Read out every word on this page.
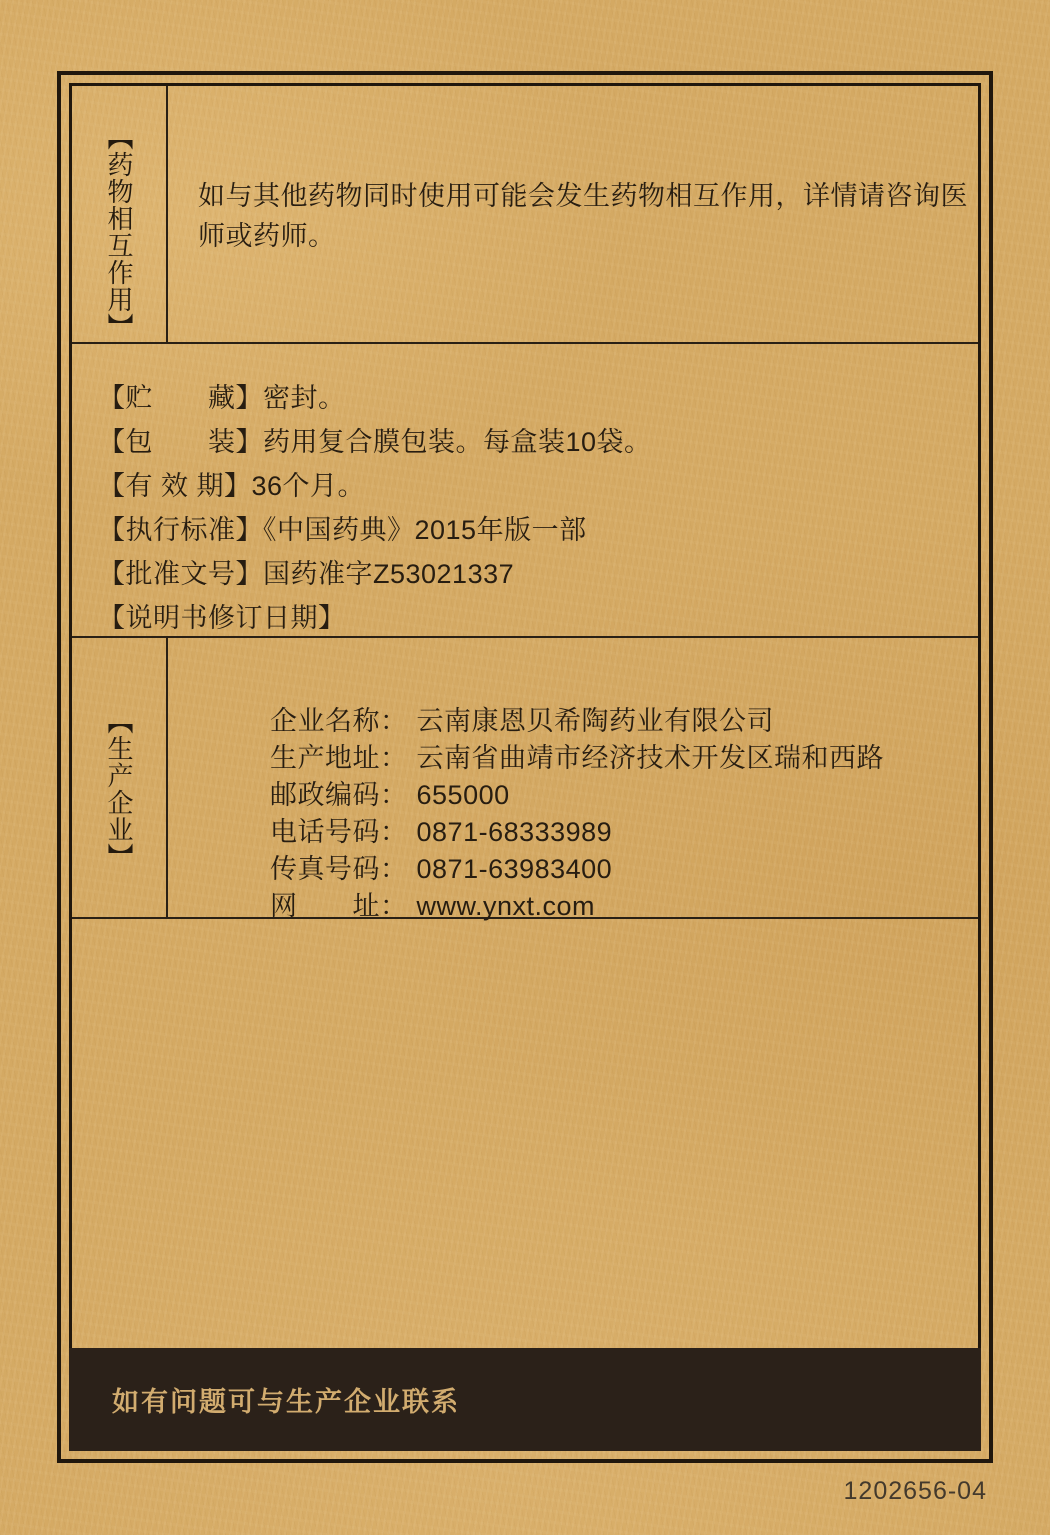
【药物相互作用】	如与其他药物同时使用可能会发生药物相互作用，详情请咨询医师或药师。
【贮　　藏】密封。
【包　　装】药用复合膜包装。每盒装10袋。
【有 效 期】36个月。
【执行标准】《中国药典》2015年版一部
【批准文号】国药准字Z53021337
【说明书修订日期】
【生产企业】	企业名称： 云南康恩贝希陶药业有限公司

生产地址： 云南省曲靖市经济技术开发区瑞和西路

邮政编码： 655000

电话号码： 0871-68333989

传真号码： 0871-63983400

网　　址： www.ynxt.com

如有问题可与生产企业联系
1202656-04
